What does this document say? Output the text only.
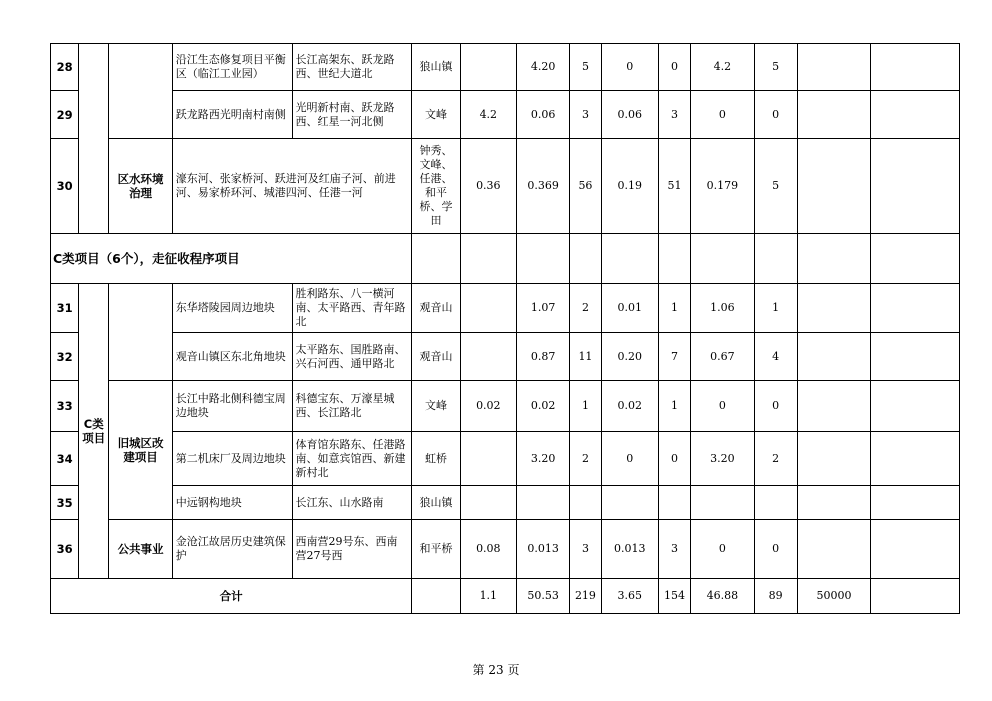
28			沿江生态修复项目平衡区（临江工业园）	长江高架东、跃龙路西、世纪大道北	狼山镇		4.20	5	0	0	4.2	5		
29			跃龙路西光明南村南侧	光明新村南、跃龙路西、红星一河北侧	文峰	4.2	0.06	3	0.06	3	0	0		
30		区水环境治理	濠东河、张家桥河、跃进河及红庙子河、前进河、易家桥环河、城港四河、任港一河		钟秀、文峰、任港、和平桥、学田	0.36	0.369	56	0.19	51	0.179	5		
C类项目（6个），走征收程序项目														
31	C类项目		东华塔陵园周边地块	胜利路东、八一横河南、太平路西、青年路北	观音山		1.07	2	0.01	1	1.06	1		
32			观音山镇区东北角地块	太平路东、国胜路南、兴石河西、通甲路北	观音山		0.87	11	0.20	7	0.67	4		
33		旧城区改建项目	长江中路北侧科德宝周边地块	科德宝东、万濠星城西、长江路北	文峰	0.02	0.02	1	0.02	1	0	0		
34			第二机床厂及周边地块	体育馆东路东、任港路南、如意宾馆西、新建新村北	虹桥		3.20	2	0	0	3.20	2		
35			中远钢构地块	长江东、山水路南	狼山镇									
36		公共事业	金沧江故居历史建筑保护	西南营29号东、西南营27号西	和平桥	0.08	0.013	3	0.013	3	0	0		
合计						1.1	50.53	219	3.65	154	46.88	89	50000	
第 23 页
